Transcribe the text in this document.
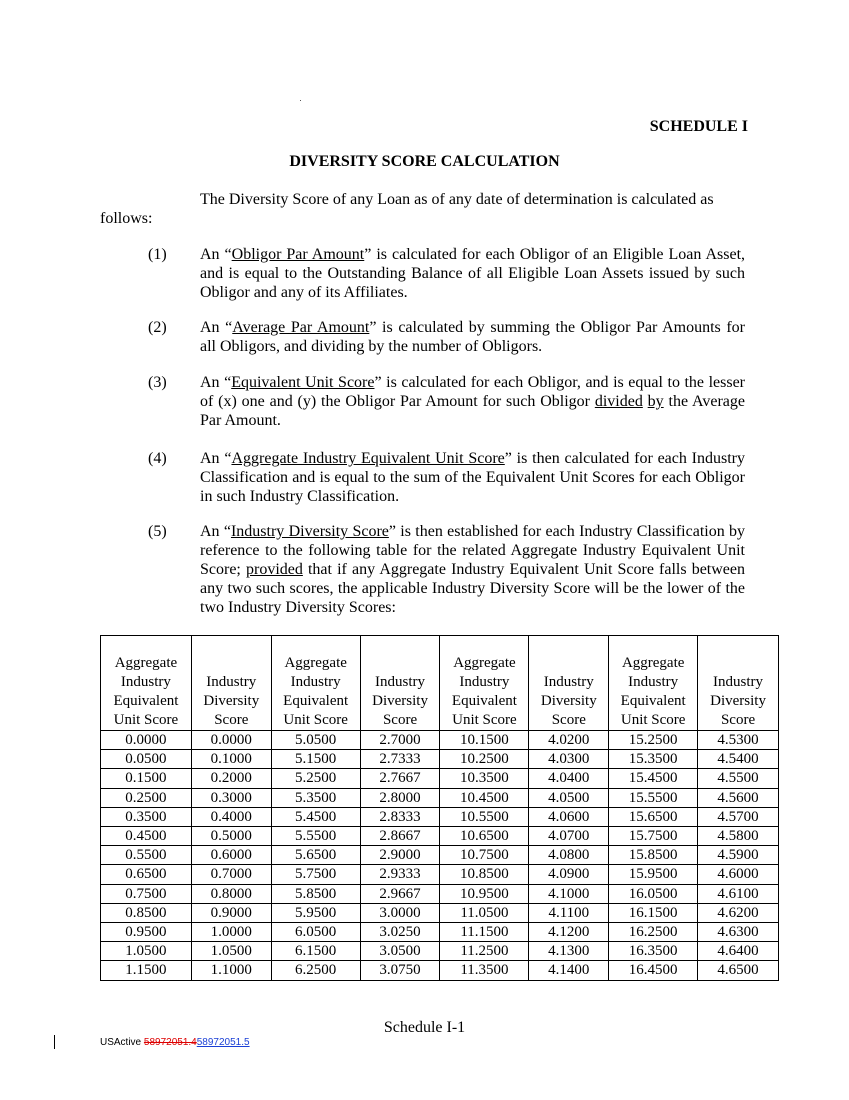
SCHEDULE I
DIVERSITY SCORE CALCULATION
The Diversity Score of any Loan as of any date of determination is calculated as
follows:
(1)	An “Obligor Par Amount” is calculated for each Obligor of an Eligible Loan Asset, and is equal to the Outstanding Balance of all Eligible Loan Assets issued by such Obligor and any of its Affiliates.
(2)	An “Average Par Amount” is calculated by summing the Obligor Par Amounts for all Obligors, and dividing by the number of Obligors.
(3)	An “Equivalent Unit Score” is calculated for each Obligor, and is equal to the lesser of (x) one and (y) the Obligor Par Amount for such Obligor divided by the Average Par Amount.
(4)	An “Aggregate Industry Equivalent Unit Score” is then calculated for each Industry Classification and is equal to the sum of the Equivalent Unit Scores for each Obligor in such Industry Classification.
(5)	An “Industry Diversity Score” is then established for each Industry Classification by reference to the following table for the related Aggregate Industry Equivalent Unit Score; provided that if any Aggregate Industry Equivalent Unit Score falls between any two such scores, the applicable Industry Diversity Score will be the lower of the two Industry Diversity Scores:
Aggregate
Industry
Equivalent
Unit Score	Industry
Diversity
Score	Aggregate
Industry
Equivalent
Unit Score	Industry
Diversity
Score	Aggregate
Industry
Equivalent
Unit Score	Industry
Diversity
Score	Aggregate
Industry
Equivalent
Unit Score	Industry
Diversity
Score
0.0000	0.0000	5.0500	2.7000	10.1500	4.0200	15.2500	4.5300
0.0500	0.1000	5.1500	2.7333	10.2500	4.0300	15.3500	4.5400
0.1500	0.2000	5.2500	2.7667	10.3500	4.0400	15.4500	4.5500
0.2500	0.3000	5.3500	2.8000	10.4500	4.0500	15.5500	4.5600
0.3500	0.4000	5.4500	2.8333	10.5500	4.0600	15.6500	4.5700
0.4500	0.5000	5.5500	2.8667	10.6500	4.0700	15.7500	4.5800
0.5500	0.6000	5.6500	2.9000	10.7500	4.0800	15.8500	4.5900
0.6500	0.7000	5.7500	2.9333	10.8500	4.0900	15.9500	4.6000
0.7500	0.8000	5.8500	2.9667	10.9500	4.1000	16.0500	4.6100
0.8500	0.9000	5.9500	3.0000	11.0500	4.1100	16.1500	4.6200
0.9500	1.0000	6.0500	3.0250	11.1500	4.1200	16.2500	4.6300
1.0500	1.0500	6.1500	3.0500	11.2500	4.1300	16.3500	4.6400
1.1500	1.1000	6.2500	3.0750	11.3500	4.1400	16.4500	4.6500
Schedule I-1
USActive 58972051.458972051.5
